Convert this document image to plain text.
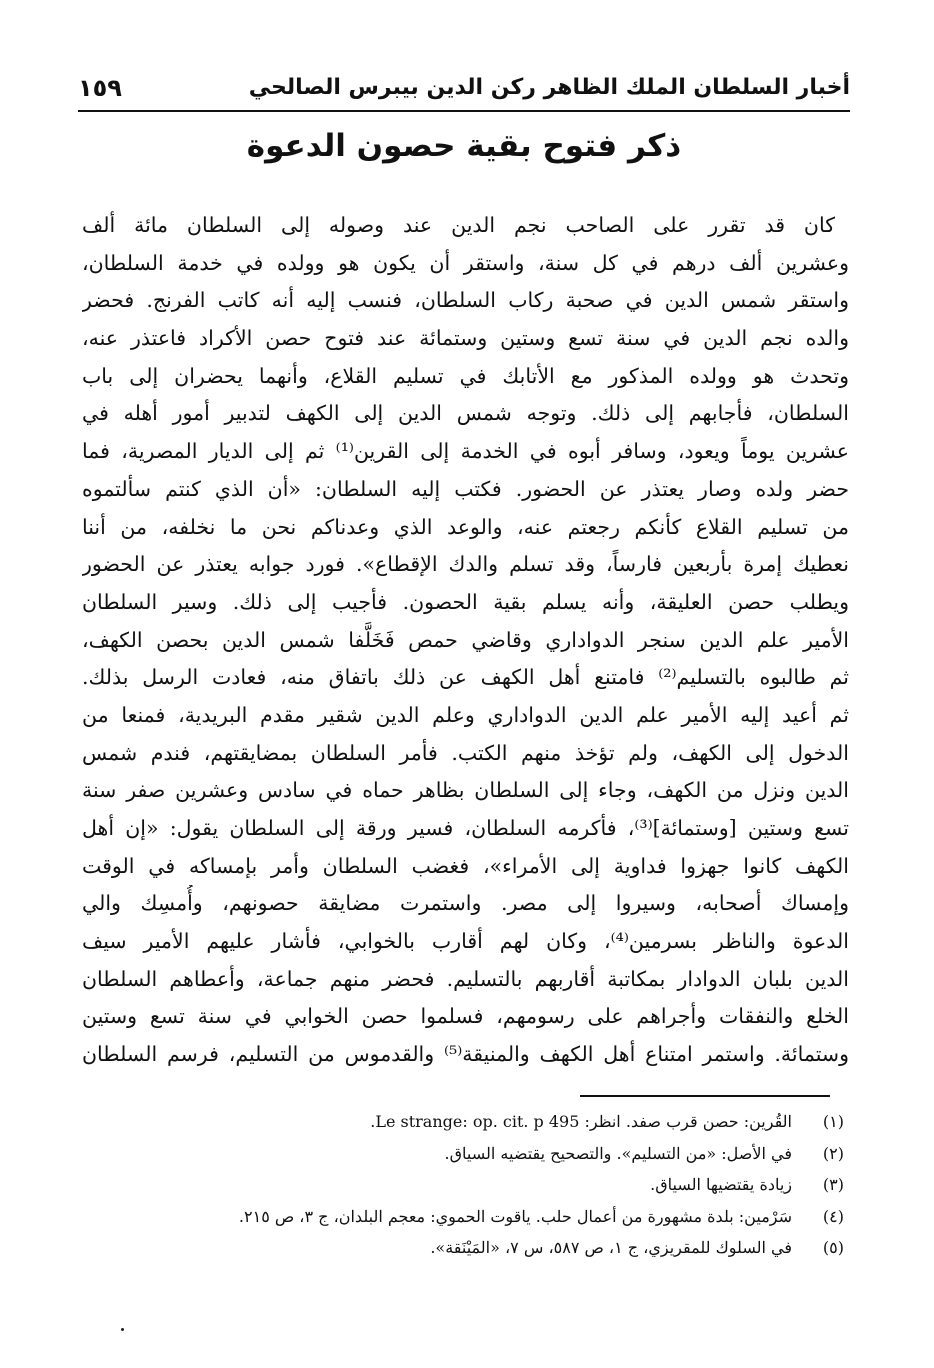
١٥٩	أخبار السلطان الملك الظاهر ركن الدين بيبرس الصالحي
ذكر فتوح بقية حصون الدعوة
كان قد تقرر على الصاحب نجم الدين عند وصوله إلى السلطان مائة ألف
وعشرين ألف درهم في كل سنة، واستقر أن يكون هو وولده في خدمة السلطان،
واستقر شمس الدين في صحبة ركاب السلطان، فنسب إليه أنه كاتب الفرنج. فحضر
والده نجم الدين في سنة تسع وستين وستمائة عند فتوح حصن الأكراد فاعتذر عنه،
وتحدث هو وولده المذكور مع الأتابك في تسليم القلاع، وأنهما يحضران إلى باب
السلطان، فأجابهم إلى ذلك. وتوجه شمس الدين إلى الكهف لتدبير أمور أهله في
عشرين يوماً ويعود، وسافر أبوه في الخدمة إلى القرين⁽¹⁾ ثم إلى الديار المصرية، فما
حضر ولده وصار يعتذر عن الحضور. فكتب إليه السلطان: «أن الذي كنتم سألتموه
من تسليم القلاع كأنكم رجعتم عنه، والوعد الذي وعدناكم نحن ما نخلفه، من أننا
نعطيك إمرة بأربعين فارساً، وقد تسلم والدك الإقطاع». فورد جوابه يعتذر عن الحضور
ويطلب حصن العليقة، وأنه يسلم بقية الحصون. فأجيب إلى ذلك. وسير السلطان
الأمير علم الدين سنجر الدواداري وقاضي حمص فَخَلَّفا شمس الدين بحصن الكهف،
ثم طالبوه بالتسليم⁽²⁾ فامتنع أهل الكهف عن ذلك باتفاق منه، فعادت الرسل بذلك.
ثم أعيد إليه الأمير علم الدين الدواداري وعلم الدين شقير مقدم البريدية، فمنعا من
الدخول إلى الكهف، ولم تؤخذ منهم الكتب. فأمر السلطان بمضايقتهم، فندم شمس
الدين ونزل من الكهف، وجاء إلى السلطان بظاهر حماه في سادس وعشرين صفر سنة
تسع وستين [وستمائة]⁽³⁾، فأكرمه السلطان، فسير ورقة إلى السلطان يقول: «إن أهل
الكهف كانوا جهزوا فداوية إلى الأمراء»، فغضب السلطان وأمر بإمساكه في الوقت
وإمساك أصحابه، وسيروا إلى مصر. واستمرت مضايقة حصونهم، وأُمسِك والي
الدعوة والناظر بسرمين⁽⁴⁾، وكان لهم أقارب بالخوابي، فأشار عليهم الأمير سيف
الدين بلبان الدوادار بمكاتبة أقاربهم بالتسليم. فحضر منهم جماعة، وأعطاهم السلطان
الخلع والنفقات وأجراهم على رسومهم، فسلموا حصن الخوابي في سنة تسع وستين
وستمائة. واستمر امتناع أهل الكهف والمنيقة⁽⁵⁾ والقدموس من التسليم، فرسم السلطان
(١)
القُرين: حصن قرب صفد. انظر: Le strange: op. cit. p 495.
(٢)
في الأصل: «من التسليم». والتصحيح يقتضيه السياق.
(٣)
زيادة يقتضيها السياق.
(٤)
سَرْمين: بلدة مشهورة من أعمال حلب. ياقوت الحموي: معجم البلدان، ج ٣، ص ٢١٥.
(٥)
في السلوك للمقريزي، ج ١، ص ٥٨٧، س ٧، «المَيْنَقة».
